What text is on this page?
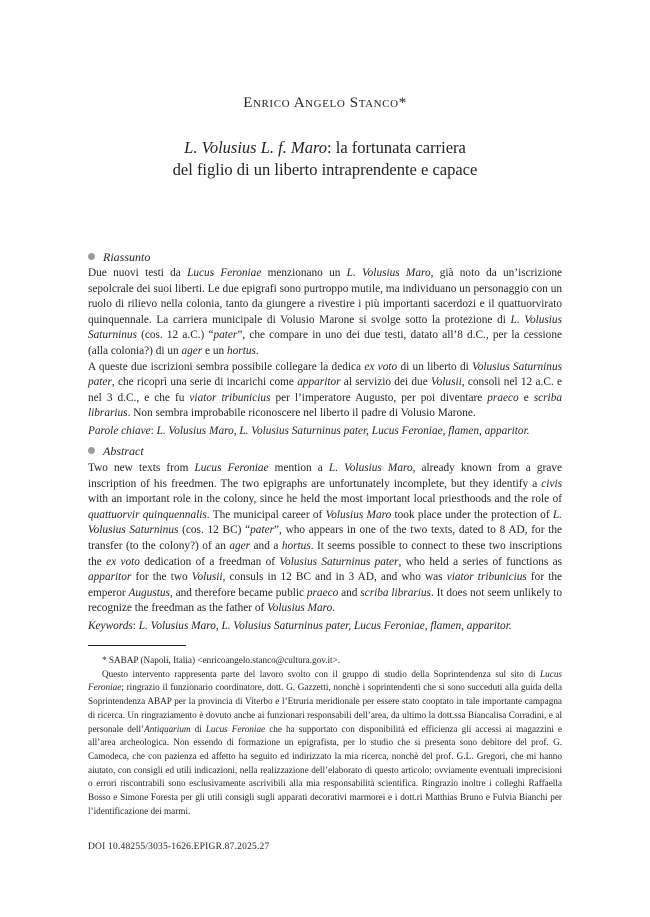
Enrico Angelo Stanco*
L. Volusius L. f. Maro: la fortunata carriera
del figlio di un liberto intraprendente e capace
Riassunto

Due nuovi testi da Lucus Feroniae menzionano un L. Volusius Maro, già noto da un’iscrizione sepolcrale dei suoi liberti. Le due epigrafi sono purtroppo mutile, ma individuano un personaggio con un ruolo di rilievo nella colonia, tanto da giungere a rivestire i più importanti sacerdozi e il quattuorvirato quinquennale. La carriera municipale di Volusio Marone si svolge sotto la protezione di L. Volusius Saturninus (cos. 12 a.C.) “pater”, che compare in uno dei due testi, datato all’8 d.C., per la cessione (alla colonia?) di un ager e un hortus.

A queste due iscrizioni sembra possibile collegare la dedica ex voto di un liberto di Volusius Saturninus pater, che ricoprì una serie di incarichi come apparitor al servizio dei due Volusii, consoli nel 12 a.C. e nel 3 d.C., e che fu viator tribunicius per l’imperatore Augusto, per poi diventare praeco e scriba librarius. Non sembra improbabile riconoscere nel liberto il padre di Volusio Marone.

Parole chiave: L. Volusius Maro, L. Volusius Saturninus pater, Lucus Feroniae, flamen, apparitor.

Abstract

Two new texts from Lucus Feroniae mention a L. Volusius Maro, already known from a grave inscription of his freedmen. The two epigraphs are unfortunately incomplete, but they identify a civis with an important role in the colony, since he held the most important local priesthoods and the role of quattuorvir quinquennalis. The municipal career of Volusius Maro took place under the protection of L. Volusius Saturninus (cos. 12 BC) “pater”, who appears in one of the two texts, dated to 8 AD, for the transfer (to the colony?) of an ager and a hortus. It seems possible to connect to these two inscriptions the ex voto dedication of a freedman of Volusius Saturninus pater, who held a series of functions as apparitor for the two Volusii, consuls in 12 BC and in 3 AD, and who was viator tribunicius for the emperor Augustus, and therefore became public praeco and scriba librarius. It does not seem unlikely to recognize the freedman as the father of Volusius Maro.

Keywords: L. Volusius Maro, L. Volusius Saturninus pater, Lucus Feroniae, flamen, apparitor.

* SABAP (Napoli, Italia) <enricoangelo.stanco@cultura.gov.it>.

Questo intervento rappresenta parte del lavoro svolto con il gruppo di studio della Soprintendenza sul sito di Lucus Feroniae; ringrazio il funzionario coordinatore, dott. G. Gazzetti, nonchè i soprintendenti che si sono succeduti alla guida della Soprintendenza ABAP per la provincia di Viterbo e l’Etruria meridionale per essere stato cooptato in tale importante campagna di ricerca. Un ringraziamento è dovuto anche ai funzionari responsabili dell’area, da ultimo la dott.ssa Biancalisa Corradini, e al personale dell’Antiquarium di Lucus Feroniae che ha supportato con disponibilità ed efficienza gli accessi ai magazzini e all’area archeologica. Non essendo di formazione un epigrafista, per lo studio che si presenta sono debitore del prof. G. Camodeca, che con pazienza ed affetto ha seguito ed indirizzato la mia ricerca, nonchè del prof. G.L. Gregori, che mi hanno aiutato, con consigli ed utili indicazioni, nella realizzazione dell’elaborato di questo articolo; ovviamente eventuali imprecisioni o errori riscontrabili sono esclusivamente ascrivibili alla mia responsabilità scientifica. Ringrazio inoltre i colleghi Raffaella Bosso e Simone Foresta per gli utili consigli sugli apparati decorativi marmorei e i dott.ri Matthias Bruno e Fulvia Bianchi per l’identificazione dei marmi.

DOI 10.48255/3035-1626.EPIGR.87.2025.27
